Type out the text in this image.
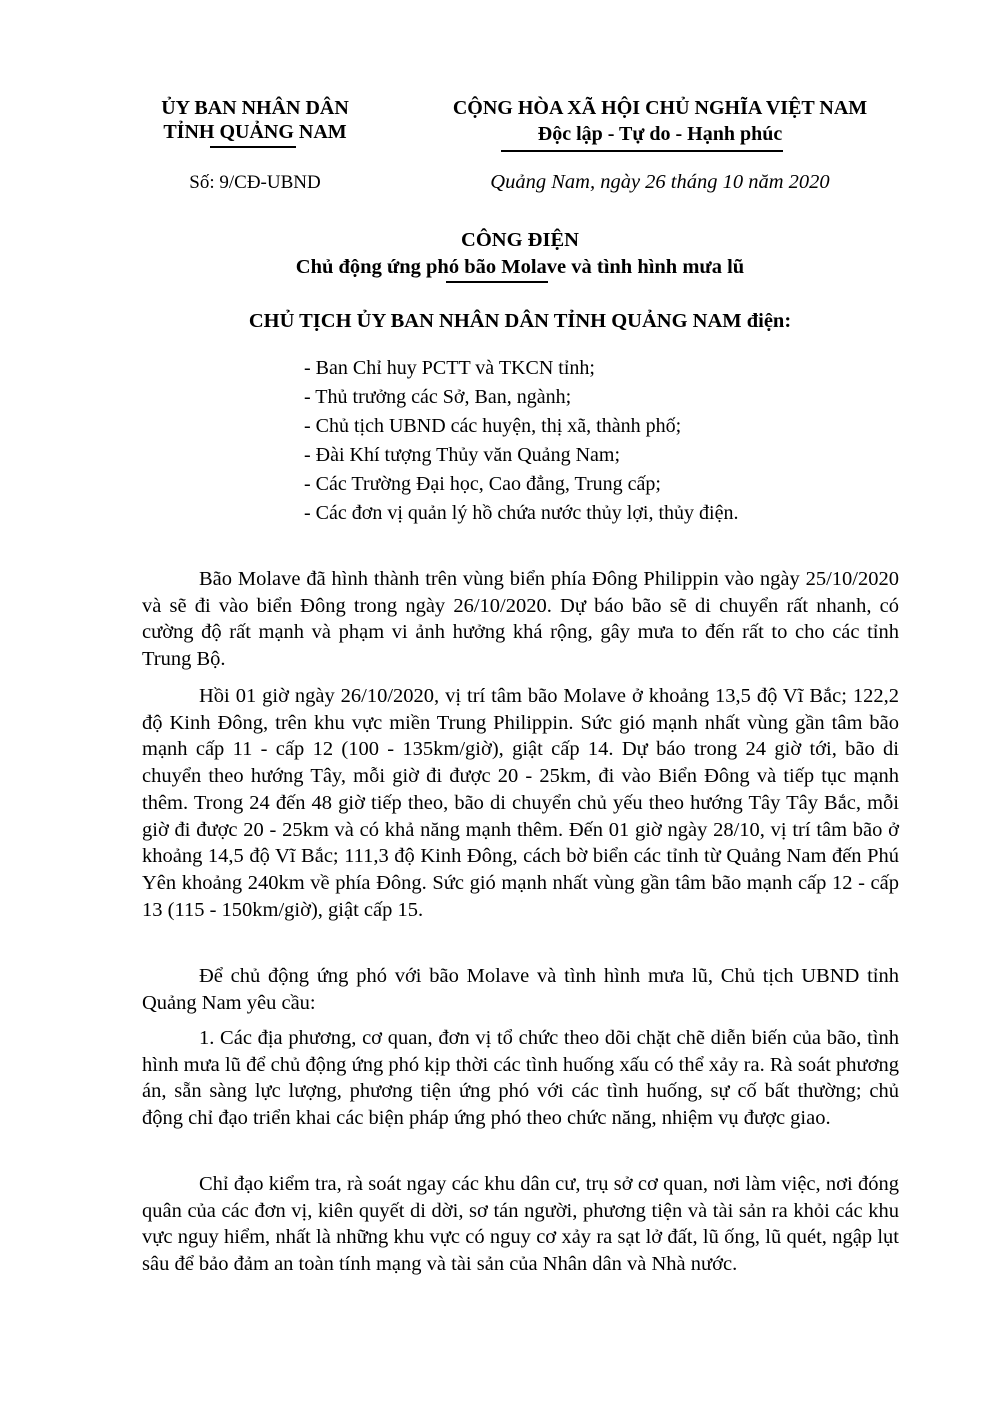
ỦY BAN NHÂN DÂN
TỈNH QUẢNG NAM
CỘNG HÒA XÃ HỘI CHỦ NGHĨA VIỆT NAM
Độc lập - Tự do - Hạnh phúc
Số: 9/CĐ-UBND	Quảng Nam, ngày 26 tháng 10 năm 2020
CÔNG ĐIỆN
Chủ động ứng phó bão Molave và tình hình mưa lũ
CHỦ TỊCH ỦY BAN NHÂN DÂN TỈNH QUẢNG NAM điện:
- Ban Chỉ huy PCTT và TKCN tỉnh;
- Thủ trưởng các Sở, Ban, ngành;
- Chủ tịch UBND các huyện, thị xã, thành phố;
- Đài Khí tượng Thủy văn Quảng Nam;
- Các Trường Đại học, Cao đẳng, Trung cấp;
- Các đơn vị quản lý hồ chứa nước thủy lợi, thủy điện.
Bão Molave đã hình thành trên vùng biển phía Đông Philippin vào ngày 25/10/2020 và sẽ đi vào biển Đông trong ngày 26/10/2020. Dự báo bão sẽ di chuyển rất nhanh, có cường độ rất mạnh và phạm vi ảnh hưởng khá rộng, gây mưa to đến rất to cho các tỉnh Trung Bộ.
Hồi 01 giờ ngày 26/10/2020, vị trí tâm bão Molave ở khoảng 13,5 độ Vĩ Bắc; 122,2 độ Kinh Đông, trên khu vực miền Trung Philippin. Sức gió mạnh nhất vùng gần tâm bão mạnh cấp 11 - cấp 12 (100 - 135km/giờ), giật cấp 14. Dự báo trong 24 giờ tới, bão di chuyển theo hướng Tây, mỗi giờ đi được 20 - 25km, đi vào Biển Đông và tiếp tục mạnh thêm. Trong 24 đến 48 giờ tiếp theo, bão di chuyển chủ yếu theo hướng Tây Tây Bắc, mỗi giờ đi được 20 - 25km và có khả năng mạnh thêm. Đến 01 giờ ngày 28/10, vị trí tâm bão ở khoảng 14,5 độ Vĩ Bắc; 111,3 độ Kinh Đông, cách bờ biển các tỉnh từ Quảng Nam đến Phú Yên khoảng 240km về phía Đông. Sức gió mạnh nhất vùng gần tâm bão mạnh cấp 12 - cấp 13 (115 - 150km/giờ), giật cấp 15.
Để chủ động ứng phó với bão Molave và tình hình mưa lũ, Chủ tịch UBND tỉnh Quảng Nam yêu cầu:
1. Các địa phương, cơ quan, đơn vị tổ chức theo dõi chặt chẽ diễn biến của bão, tình hình mưa lũ để chủ động ứng phó kịp thời các tình huống xấu có thể xảy ra. Rà soát phương án, sẵn sàng lực lượng, phương tiện ứng phó với các tình huống, sự cố bất thường; chủ động chỉ đạo triển khai các biện pháp ứng phó theo chức năng, nhiệm vụ được giao.
Chỉ đạo kiểm tra, rà soát ngay các khu dân cư, trụ sở cơ quan, nơi làm việc, nơi đóng quân của các đơn vị, kiên quyết di dời, sơ tán người, phương tiện và tài sản ra khỏi các khu vực nguy hiểm, nhất là những khu vực có nguy cơ xảy ra sạt lở đất, lũ ống, lũ quét, ngập lụt sâu để bảo đảm an toàn tính mạng và tài sản của Nhân dân và Nhà nước.
